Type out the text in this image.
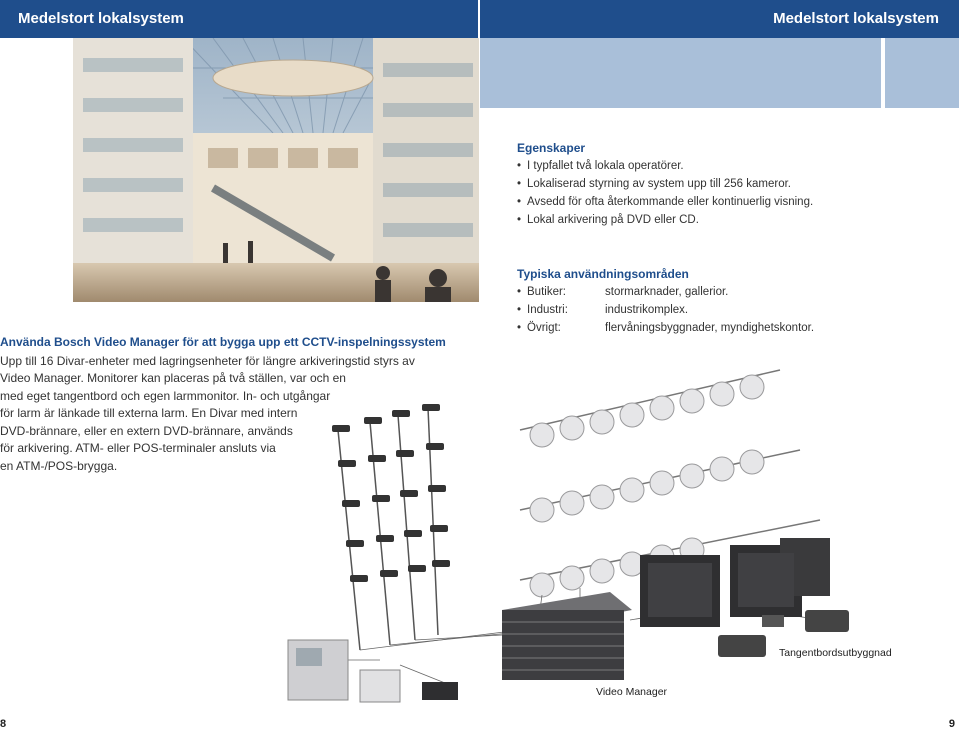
Medelstort lokalsystem	Medelstort lokalsystem
Egenskaper
• I typfallet två lokala operatörer.
• Lokaliserad styrning av system upp till 256 kameror.
• Avsedd för ofta återkommande eller kontinuerlig visning.
• Lokal arkivering på DVD eller CD.
Typiska användningsområden
• Butiker:	stormarknader, gallerior.
• Industri:	industrikomplex.
• Övrigt:	flervåningsbyggnader, myndighetskontor.
Använda Bosch Video Manager för att bygga upp ett CCTV-inspelningssystem
Upp till 16 Divar-enheter med lagringsenheter för längre arkiveringstid styrs av
Video Manager. Monitorer kan placeras på två ställen, var och en
med eget tangentbord och egen larmmonitor. In- och utgångar
för larm är länkade till externa larm. En Divar med intern
DVD-brännare, eller en extern DVD-brännare, används
för arkivering. ATM- eller POS-terminaler ansluts via
en ATM-/POS-brygga.
Tangentbordsutbyggnad
Video Manager
8	9
